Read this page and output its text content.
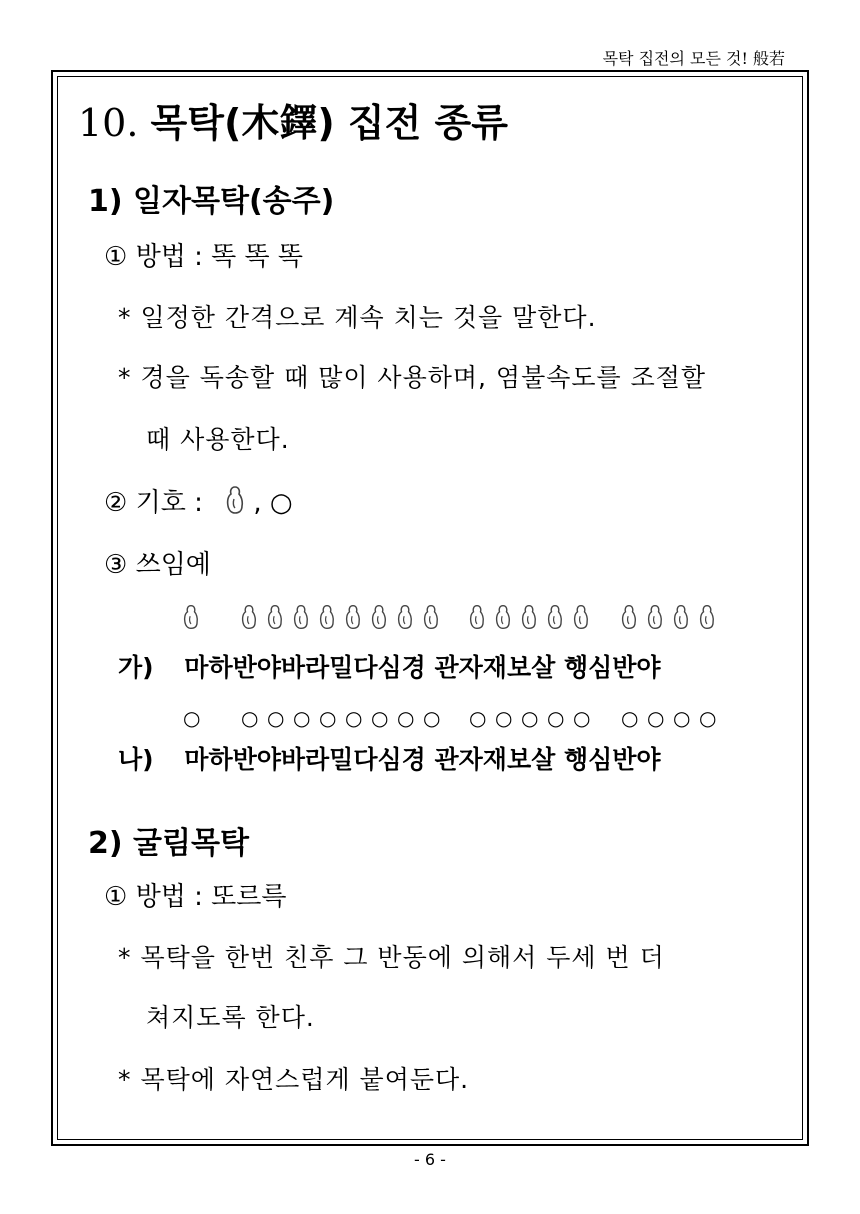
목탁 집전의 모든 것! 般若
10. 목탁(木鐸) 집전 종류
1) 일자목탁(송주)
① 방법 : 똑 똑 똑
* 일정한 간격으로 계속 치는 것을 말한다.
* 경을 독송할 때 많이 사용하며, 염불속도를 조절할
때 사용한다.
② 기호 : , ○
③ 쓰임예
가) 마하반야바라밀다심경 관자재보살 행심반야
○ ○ ○ ○ ○ ○ ○ ○ ○ ○ ○ ○ ○ ○ ○ ○ ○ ○
나) 마하반야바라밀다심경 관자재보살 행심반야
2) 굴림목탁
① 방법 : 또르륵
* 목탁을 한번 친후 그 반동에 의해서 두세 번 더
쳐지도록 한다.
* 목탁에 자연스럽게 붙여둔다.
- 6 -
